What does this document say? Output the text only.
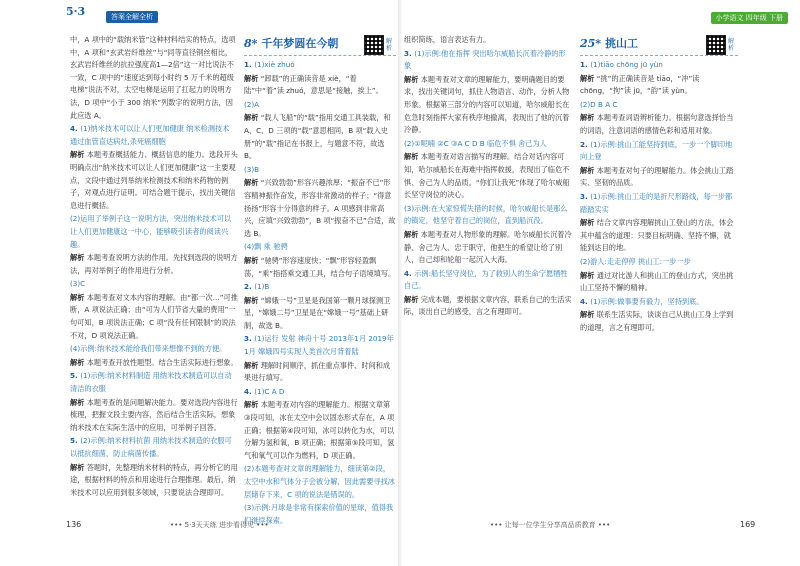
5·3	答案全解全析	小学语文 四年级 下册

中，A 项中的“载纳米管”这种材料结实的特点，选项中，A 项和“玄武岩纤维丝”与“同等直径钢丝相比，玄武岩纤维丝的抗拉强度高1—2倍”这一对比说法不一致，C 项中的“速度达到每小时约 5 万千米的超级电梯”说法不对，太空电梯是运用了扛起力的说明方法，D 项中“小于 300 纳米”列数字的说明方法，因此应选 A。

4. (1)纳米技术可以让人们更加健康 纳米检测技术 通过血管直达病灶,杀死癌细胞

解析 本题考查概括能力、概括信息的能力。选段开头明确点出“纳米技术可以让人们更加健康”这一主要观点，文段中通过列举纳米检测技术和纳米药物的例子，对观点进行证明。可结合题干提示，找出关键信息进行概括。

(2)运用了举例子这一说明方法，突出纳米技术可以让人们更加健康这一中心，能够吸引读者的阅读兴趣。

解析 本题考查说明方法的作用。先找到选段的说明方法，再对举例子的作用进行分析。

(3)C

解析 本题考查对文本内容的理解。由“都一次…”可推断，A 项说法正确；由“可为人们节省大量的费用”一句可知，B 项说法正确；C 项“没有任何限制”的说法不对，D 项说法正确。

(4)示例:纳米技术能给我们带来想像不到的方便。

解析 本题考查开放性题型。结合生活实际进行想象。

5. (1)示例:纳米材料制造 用纳米技术制造可以自动清洁的衣服

解析 本题考查的是问题解决能力。要对选段内容进行梳理，把握文段主要内容，然后结合生活实际，想象纳米技术在实际生活中的应用，可举例子回答。

5. (2)示例:纳米材料抗菌 用纳米技术制造的衣服可以抵抗细菌，防止病菌传播。

解析 答题时，先整理纳米材料的特点，再分析它的用途，根据材料的特点和用途进行合理推理。最后，纳米技术可以应用到很多领域，只要说法合理即可。

8* 千年梦圆在今朝	解析

1. (1)xiè zhuó

解析 “卸载”的正确读音是 xiè，“着陆”中“着”读 zhuó，意思是“接触，挨上”。

(2)A

解析 “载人飞船”的“载”指用交通工具装载，和 A、C、D 三项的“载”意思相同，B 项“载入史册”的“载”指记在书报上，与题意不符，故选 B。

(3)B

解析 “兴致勃勃”形容兴趣浓厚；“振奋不已”形容精神振作奋发，形容非常激动的样子；“得意扬扬”形容十分得意的样子。A 项感到非常高兴，应填“兴致勃勃”，B 项“振奋不已”合适，故选 B。

(4)飘 乘 驰骋

解析 “驰骋”形容速度快；“飘”形容轻盈飘荡，“乘”指搭乘交通工具，结合句子语境填写。

2. (1)B

解析 “嫦娥一号”卫星是我国第一颗月球探测卫星，“嫦娥二号”卫星是在“嫦娥一号”基础上研制，故选 B。

3. (1)运行 发射 神舟十号 2013年1月 2019年1月 嫦娥四号实现人类首次月背着陆

解析 理解时间顺序，抓住重点事件、时间和成果进行填写。

4. (1)C A D

解析 本题考查对内容的理解能力。根据文章第③段可知，冰在太空中会以固态形式存在，A 项正确；根据第④段可知，冰可以转化为水，可以分解为氢和氧，B 项正确；根据第⑤段可知，氢气和氧气可以作为燃料，D 项正确。

(2)本题考查对文章的理解能力，细读第②段，太空中水和气体分子会被分解，因此需要寻找冰层储存下来，C 项的说法是错误的。

(3)示例:月球是非常有探索价值的星球，值得我们继续探索。

组织简练，语言表达有力。

3. (1)示例:他在指挥 突出哈尔威船长沉着冷静的形象

解析 本题考查对文章的理解能力，要明确题目的要求，找出关键词句，抓住人物语言、动作，分析人物形象。根据第三部分的内容可以知道，哈尔威船长在危急时刻指挥大家有秩序地撤离，表现出了他的沉着冷静。

(2)①呢喃 ②C ③A C D B 临危不惧 舍己为人

解析 本题考查对语言描写的理解。结合对话内容可知，哈尔威船长在海难中指挥救援，表现出了临危不惧、舍己为人的品质。“你们让我死”体现了哈尔威船长坚守岗位的决心。

(3)示例:在大家惊慌失措的时候，哈尔威船长是那么的镇定，他坚守着自己的岗位，直到船沉没。

解析 本题考查对人物形象的理解。哈尔威船长沉着冷静、舍己为人、忠于职守，他把生的希望让给了别人，自己却和轮船一起沉入大海。

4. 示例:船长坚守岗位，为了救别人的生命宁愿牺牲自己。

解析 完成本题，要根据文章内容，联系自己的生活实际，谈出自己的感受，言之有理即可。

25* 挑山工	解析

1. (1)tiāo chōng jū yùn

解析 “挑”的正确读音是 tiāo，“冲”读 chōng，“拘”读 jū，“韵”读 yùn。

(2)D B A C

解析 本题考查词语辨析能力。根据句意选择恰当的词语，注意词语的感情色彩和适用对象。

2. (1)示例:挑山工能坚持到底，一步一个脚印地向上登

解析 本题考查对句子的理解能力。体会挑山工踏实、坚韧的品质。

3. (1)示例:挑山工走的是折尺形路线，每一步都踏踏实实

解析 结合文章内容理解挑山工登山的方法，体会其中蕴含的道理：只要目标明确、坚持不懈，就能到达目的地。

(2)游人:走走停停 挑山工:一步一步

解析 通过对比游人和挑山工的登山方式，突出挑山工坚持不懈的精神。

4. (1)示例:做事要有毅力，坚持到底。

解析 联系生活实际，谈谈自己从挑山工身上学到的道理，言之有理即可。

136	••• 5·3天天练 进步看得见 •••	••• 让每一位学生分享高品质教育 •••	169
